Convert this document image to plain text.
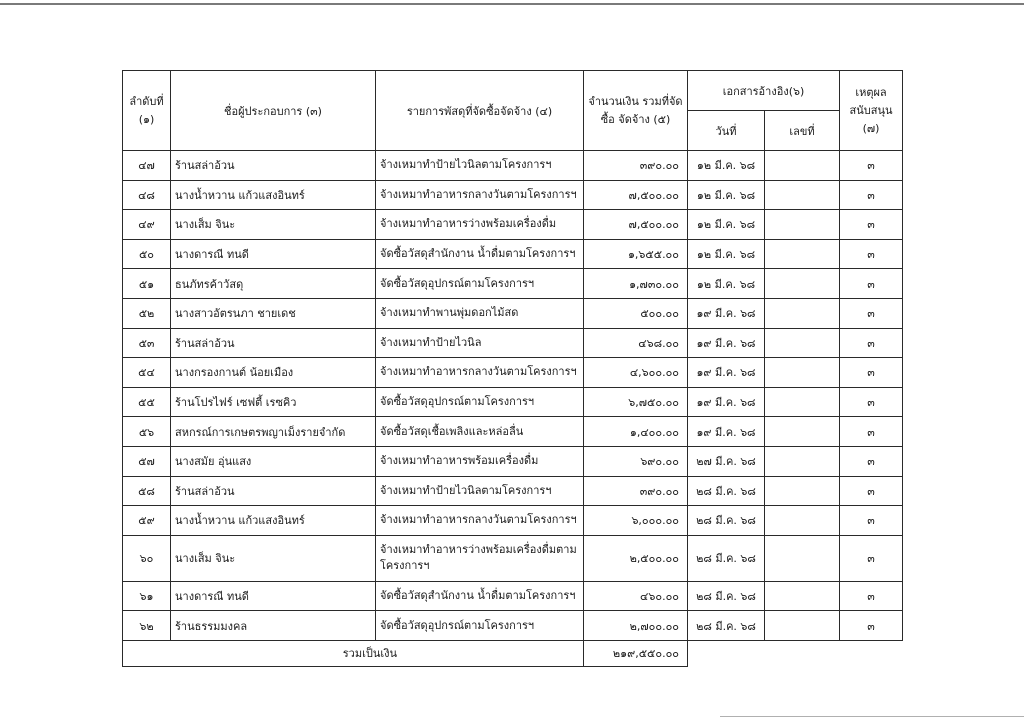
ลำดับที่ (๑)	ชื่อผู้ประกอบการ (๓)	รายการพัสดุที่จัดซื้อจัดจ้าง (๔)	จำนวนเงิน รวมที่จัดซื้อ จัดจ้าง (๕)	เอกสารอ้างอิง(๖)		เหตุผล สนับสนุน (๗)
				วันที่	เลขที่	
๔๗	ร้านสล่าอ้วน	จ้างเหมาทำป้ายไวนิลตามโครงการฯ	๓๙๐.๐๐	๑๒ มี.ค. ๖๘		๓
๔๘	นางน้ำหวาน แก้วแสงอินทร์	จ้างเหมาทำอาหารกลางวันตามโครงการฯ	๗,๕๐๐.๐๐	๑๒ มี.ค. ๖๘		๓
๔๙	นางเส็ม จินะ	จ้างเหมาทำอาหารว่างพร้อมเครื่องดื่ม	๗,๕๐๐.๐๐	๑๒ มี.ค. ๖๘		๓
๕๐	นางดารณี ทนดี	จัดซื้อวัสดุสำนักงาน น้ำดื่มตามโครงการฯ	๑,๖๕๕.๐๐	๑๒ มี.ค. ๖๘		๓
๕๑	ธนภัทรค้าวัสดุ	จัดซื้อวัสดุอุปกรณ์ตามโครงการฯ	๑,๗๓๐.๐๐	๑๒ มี.ค. ๖๘		๓
๕๒	นางสาวอัตรนภา ชายเดช	จ้างเหมาทำพานพุ่มดอกไม้สด	๕๐๐.๐๐	๑๙ มี.ค. ๖๘		๓
๕๓	ร้านสล่าอ้วน	จ้างเหมาทำป้ายไวนิล	๔๖๘.๐๐	๑๙ มี.ค. ๖๘		๓
๕๔	นางกรองกานต์ น้อยเมือง	จ้างเหมาทำอาหารกลางวันตามโครงการฯ	๔,๖๐๐.๐๐	๑๙ มี.ค. ๖๘		๓
๕๕	ร้านโปรไฟร์ เซฟตี้ เรซคิว	จัดซื้อวัสดุอุปกรณ์ตามโครงการฯ	๖,๗๕๐.๐๐	๑๙ มี.ค. ๖๘		๓
๕๖	สหกรณ์การเกษตรพญาเม็งรายจำกัด	จัดซื้อวัสดุเชื้อเพลิงและหล่อลื่น	๑,๔๐๐.๐๐	๑๙ มี.ค. ๖๘		๓
๕๗	นางสมัย อุ่นแสง	จ้างเหมาทำอาหารพร้อมเครื่องดื่ม	๖๙๐.๐๐	๒๗ มี.ค. ๖๘		๓
๕๘	ร้านสล่าอ้วน	จ้างเหมาทำป้ายไวนิลตามโครงการฯ	๓๙๐.๐๐	๒๘ มี.ค. ๖๘		๓
๕๙	นางน้ำหวาน แก้วแสงอินทร์	จ้างเหมาทำอาหารกลางวันตามโครงการฯ	๖,๐๐๐.๐๐	๒๘ มี.ค. ๖๘		๓
๖๐	นางเส็ม จินะ	จ้างเหมาทำอาหารว่างพร้อมเครื่องดื่มตามโครงการฯ	๒,๕๐๐.๐๐	๒๘ มี.ค. ๖๘		๓
๖๑	นางดารณี ทนดี	จัดซื้อวัสดุสำนักงาน น้ำดื่มตามโครงการฯ	๔๖๐.๐๐	๒๘ มี.ค. ๖๘		๓
๖๒	ร้านธรรมมงคล	จัดซื้อวัสดุอุปกรณ์ตามโครงการฯ	๒,๗๐๐.๐๐	๒๘ มี.ค. ๖๘		๓
รวมเป็นเงิน			๒๑๙,๕๕๐.๐๐			
